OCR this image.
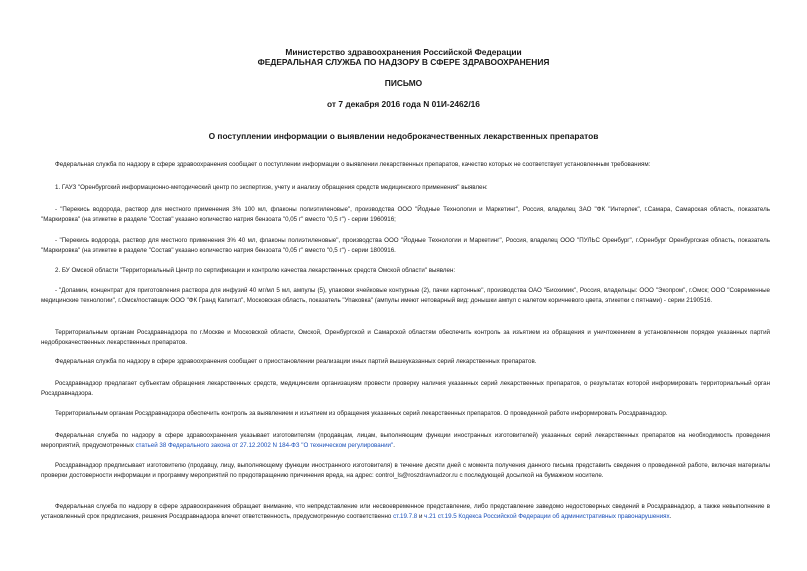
Министерство здравоохранения Российской Федерации
ФЕДЕРАЛЬНАЯ СЛУЖБА ПО НАДЗОРУ В СФЕРЕ ЗДРАВООХРАНЕНИЯ
ПИСЬМО
от 7 декабря 2016 года N 01И-2462/16
О поступлении информации о выявлении недоброкачественных лекарственных препаратов
Федеральная служба по надзору в сфере здравоохранения сообщает о поступлении информации о выявлении лекарственных препаратов, качество которых не соответствует установленным требованиям:
1. ГАУЗ "Оренбургский информационно-методический центр по экспертизе, учету и анализу обращения средств медицинского применения" выявлен:
- "Перекись водорода, раствор для местного применения 3% 100 мл, флаконы полиэтиленовые", производства ООО "Йодные Технологии и Маркетинг", Россия, владелец ЗАО "ФК "Интерлек", г.Самара, Самарская область, показатель "Маркировка" (на этикетке в разделе "Состав" указано количество натрия бензоата "0,05 г" вместо "0,5 г") - серии 1960916;
- "Перекись водорода, раствор для местного применения 3% 40 мл, флаконы полиэтиленовые", производства ООО "Йодные Технологии и Маркетинг", Россия, владелец ООО "ПУЛЬС Оренбург", г.Оренбург Оренбургская область, показатель "Маркировка" (на этикетке в разделе "Состав" указано количество натрия бензоата "0,05 г" вместо "0,5 г") - серии 1800916.
2. БУ Омской области "Территориальный Центр по сертификации и контролю качества лекарственных средств Омской области" выявлен:
- "Допамин, концентрат для приготовления раствора для инфузий 40 мг/мл 5 мл, ампулы (5), упаковки ячейковые контурные (2), пачки картонные", производства ОАО "Биохимик", Россия, владельцы: ООО "Экопром", г.Омск; ООО "Современные медицинские технологии", г.Омск/поставщик ООО "ФК Гранд Капитал", Московская область, показатель "Упаковка" (ампулы имеют нетоварный вид: донышки ампул с налетом коричневого цвета, этикетки с пятнами) - серии 2190516.
Территориальным органам Росздравнадзора по г.Москве и Московской области, Омской, Оренбургской и Самарской областям обеспечить контроль за изъятием из обращения и уничтожением в установленном порядке указанных партий недоброкачественных лекарственных препаратов.
Федеральная служба по надзору в сфере здравоохранения сообщает о приостановлении реализации иных партий вышеуказанных серий лекарственных препаратов.
Росздравнадзор предлагает субъектам обращения лекарственных средств, медицинским организациям провести проверку наличия указанных серий лекарственных препаратов, о результатах которой информировать территориальный орган Росздравнадзора.
Территориальным органам Росздравнадзора обеспечить контроль за выявлением и изъятием из обращения указанных серий лекарственных препаратов. О проведенной работе информировать Росздравнадзор.
Федеральная служба по надзору в сфере здравоохранения указывает изготовителям (продавцам, лицам, выполняющим функции иностранных изготовителей) указанных серий лекарственных препаратов на необходимость проведения мероприятий, предусмотренных статьей 38 Федерального закона от 27.12.2002 N 184-ФЗ "О техническом регулировании".
Росздравнадзор предписывает изготовителю (продавцу, лицу, выполняющему функции иностранного изготовителя) в течение десяти дней с момента получения данного письма представить сведения о проведенной работе, включая материалы проверки достоверности информации и программу мероприятий по предотвращению причинения вреда, на адрес: control_ls@roszdravnadzor.ru с последующей досылкой на бумажном носителе.
Федеральная служба по надзору в сфере здравоохранения обращает внимание, что непредставление или несвоевременное представление, либо представление заведомо недостоверных сведений в Росздравнадзор, а также невыполнение в установленный срок предписания, решения Росздравнадзора влечет ответственность, предусмотренную соответственно ст.19.7.8 и ч.21 ст.19.5 Кодекса Российской Федерации об административных правонарушениях.
